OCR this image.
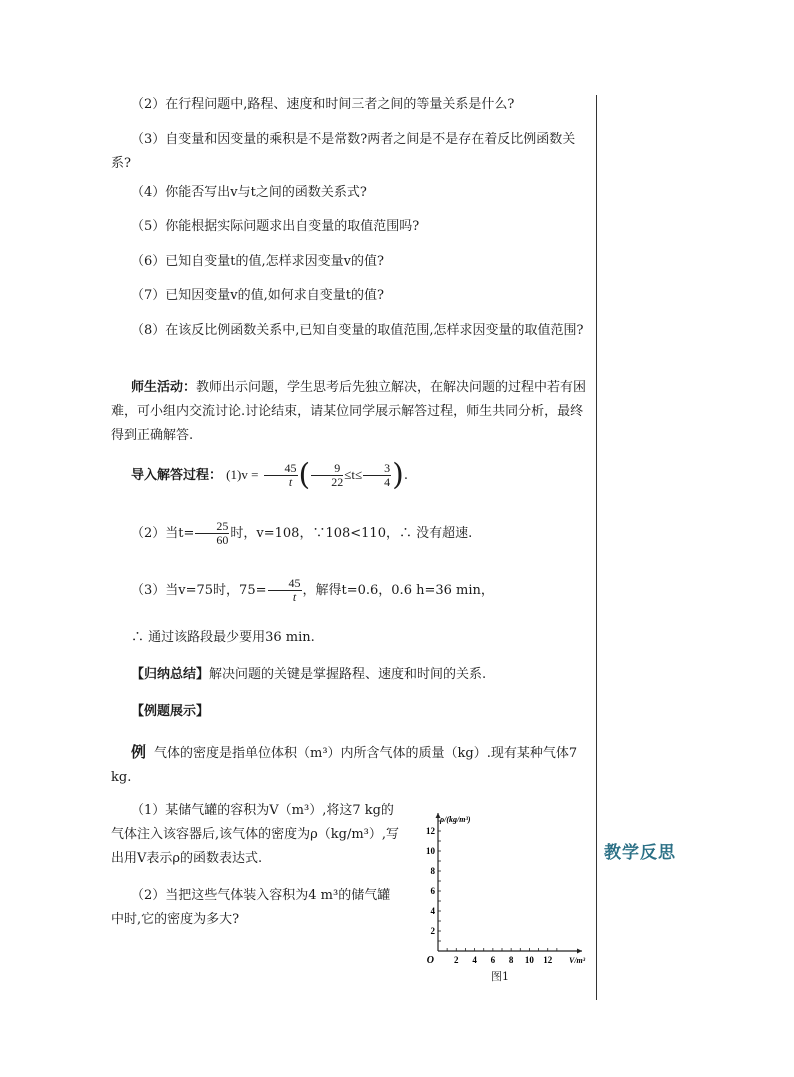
教学反思
（2）在行程问题中,路程、速度和时间三者之间的等量关系是什么?
（3）自变量和因变量的乘积是不是常数?两者之间是不是存在着反比例函数关系?
（4）你能否写出v与t之间的函数关系式?
（5）你能根据实际问题求出自变量的取值范围吗?
（6）已知自变量t的值,怎样求因变量v的值?
（7）已知因变量v的值,如何求自变量t的值?
（8）在该反比例函数关系中,已知自变量的取值范围,怎样求因变量的取值范围?
师生活动：教师出示问题，学生思考后先独立解决，在解决问题的过程中若有困难，可小组内交流讨论.讨论结束，请某位同学展示解答过程，师生共同分析，最终得到正确解答.
导入解答过程： $(1)v = \frac{45}{t}$ ( $\frac{9}{22} \le t\le \frac{3}{4}$ ).
（2）当$t= \frac{25}{60}$ 时，v=108，∵108<110，∴ 没有超速.
（3）当v=75时，$75= \frac{45}{t}$ ，解得t=0.6，0.6 h=36 min，
∴ 通过该路段最少要用36 min.
【归纳总结】解决问题的关键是掌握路程、速度和时间的关系.
【例题展示】
例 气体的密度是指单位体积（m³）内所含气体的质量（kg）.现有某种气体7 kg.
（1）某储气罐的容积为V（m³）,将这7 kg的气体注入该容器后,该气体的密度为ρ（kg/m³）,写出用V表示ρ的函数表达式.
（2）当把这些气体装入容积为4 m³的储气罐中时,它的密度为多大?
2 4 6 8 10 12
2
4
6
8
10
12
O
ρ/(kg/m³)
V/m³
图1
